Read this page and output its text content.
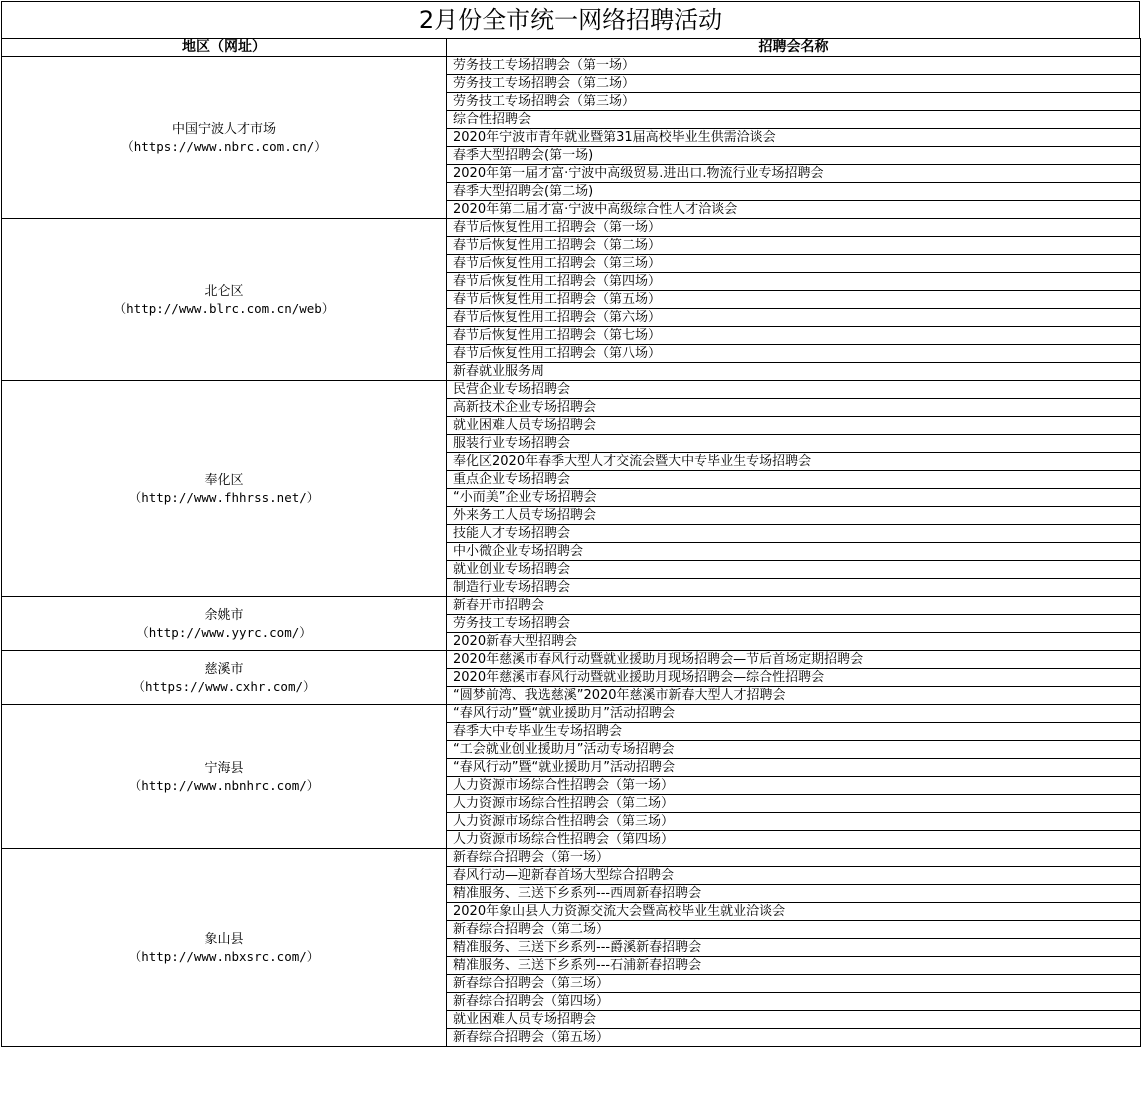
2月份全市统一网络招聘活动
地区（网址）	招聘会名称

中国宁波人才市场
（https://www.nbrc.com.cn/）	劳务技工专场招聘会（第一场）
	劳务技工专场招聘会（第二场）
	劳务技工专场招聘会（第三场）
	综合性招聘会
	2020年宁波市青年就业暨第31届高校毕业生供需洽谈会
	春季大型招聘会(第一场)
	2020年第一届才富·宁波中高级贸易.进出口.物流行业专场招聘会
	春季大型招聘会(第二场)
	2020年第二届才富·宁波中高级综合性人才洽谈会

北仑区
（http://www.blrc.com.cn/web）	春节后恢复性用工招聘会（第一场）
	春节后恢复性用工招聘会（第二场）
	春节后恢复性用工招聘会（第三场）
	春节后恢复性用工招聘会（第四场）
	春节后恢复性用工招聘会（第五场）
	春节后恢复性用工招聘会（第六场）
	春节后恢复性用工招聘会（第七场）
	春节后恢复性用工招聘会（第八场）
	新春就业服务周

奉化区
（http://www.fhhrss.net/）	民营企业专场招聘会
	高新技术企业专场招聘会
	就业困难人员专场招聘会
	服装行业专场招聘会
	奉化区2020年春季大型人才交流会暨大中专毕业生专场招聘会
	重点企业专场招聘会
	“小而美”企业专场招聘会
	外来务工人员专场招聘会
	技能人才专场招聘会
	中小微企业专场招聘会
	就业创业专场招聘会
	制造行业专场招聘会

余姚市
（http://www.yyrc.com/）	新春开市招聘会
	劳务技工专场招聘会
	2020新春大型招聘会

慈溪市
（https://www.cxhr.com/）	2020年慈溪市春风行动暨就业援助月现场招聘会—节后首场定期招聘会
	2020年慈溪市春风行动暨就业援助月现场招聘会—综合性招聘会
	“圆梦前湾、我选慈溪”2020年慈溪市新春大型人才招聘会

宁海县
（http://www.nbnhrc.com/）	“春风行动”暨“就业援助月”活动招聘会
	春季大中专毕业生专场招聘会
	“工会就业创业援助月”活动专场招聘会
	“春风行动”暨“就业援助月”活动招聘会
	人力资源市场综合性招聘会（第一场）
	人力资源市场综合性招聘会（第二场）
	人力资源市场综合性招聘会（第三场）
	人力资源市场综合性招聘会（第四场）

象山县
（http://www.nbxsrc.com/）	新春综合招聘会（第一场）
	春风行动—迎新春首场大型综合招聘会
	精准服务、三送下乡系列---西周新春招聘会
	2020年象山县人力资源交流大会暨高校毕业生就业洽谈会
	新春综合招聘会（第二场）
	精准服务、三送下乡系列---爵溪新春招聘会
	精准服务、三送下乡系列---石浦新春招聘会
	新春综合招聘会（第三场）
	新春综合招聘会（第四场）
	就业困难人员专场招聘会
	新春综合招聘会（第五场）
